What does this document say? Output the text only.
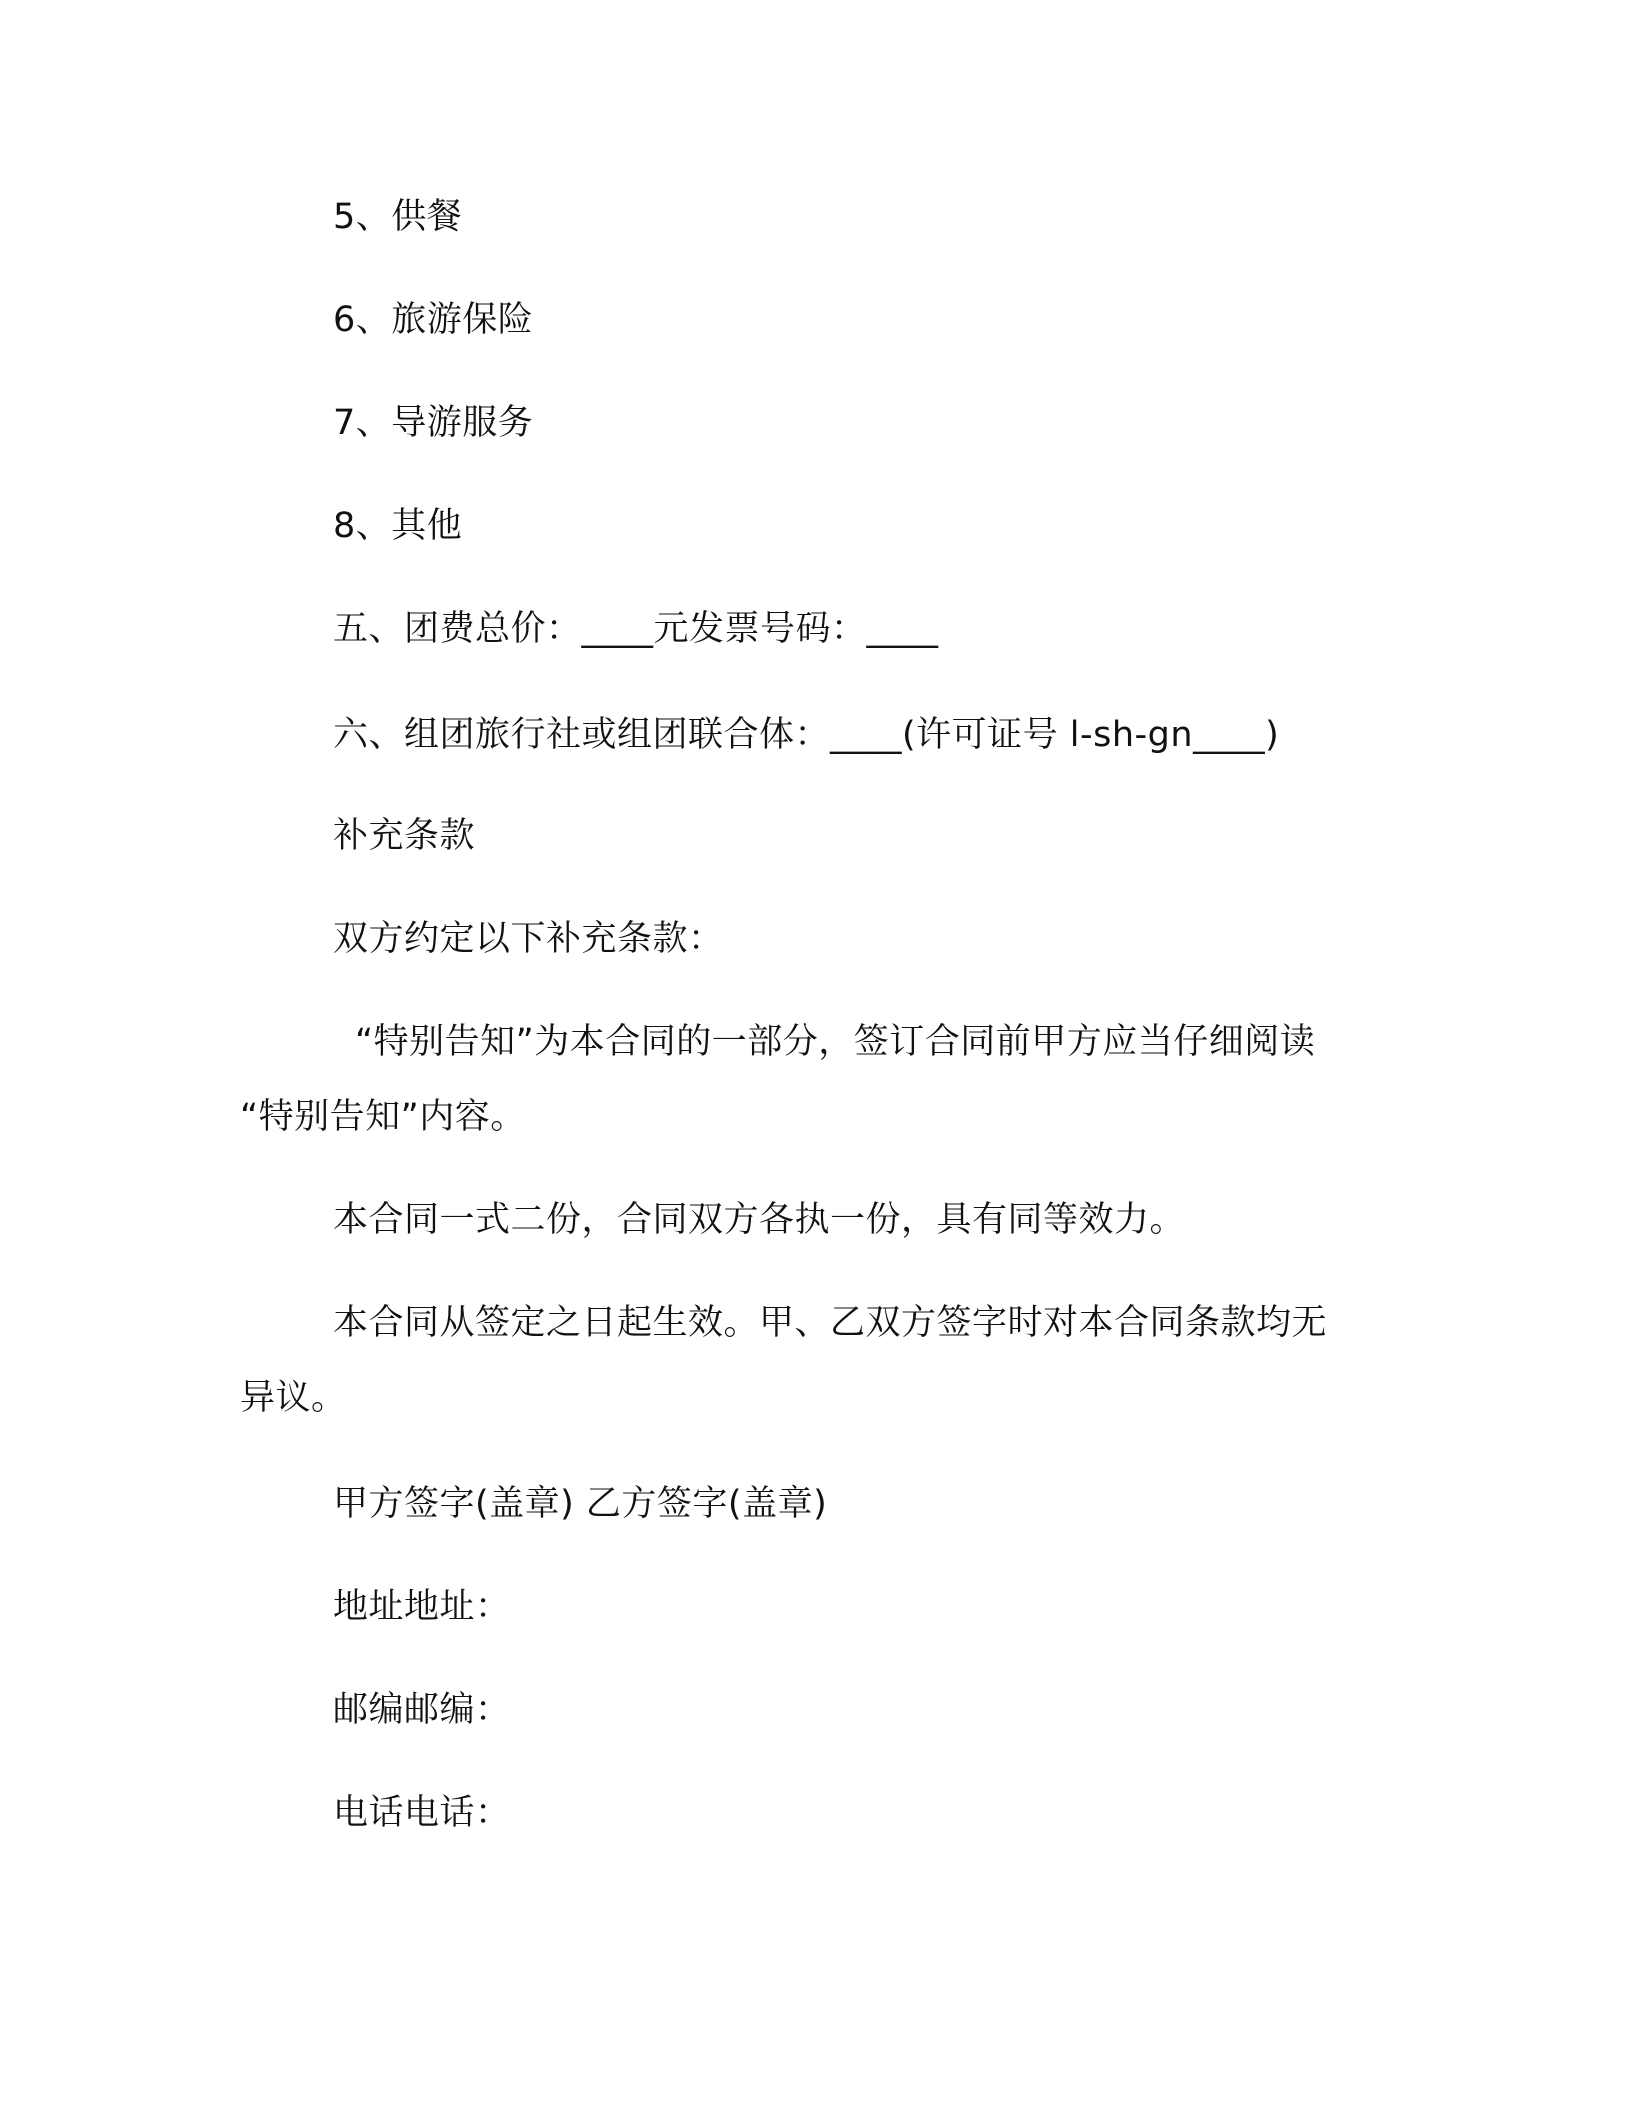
5、供餐
6、旅游保险
7、导游服务
8、其他
五、团费总价：____元发票号码：____
六、组团旅行社或组团联合体：____(许可证号 l-sh-gn____)
补充条款
双方约定以下补充条款：
“特别告知”为本合同的一部分，签订合同前甲方应当仔细阅读
“特别告知”内容。
本合同一式二份，合同双方各执一份，具有同等效力。
本合同从签定之日起生效。甲、乙双方签字时对本合同条款均无
异议。
甲方签字(盖章) 乙方签字(盖章)
地址地址：
邮编邮编：
电话电话：
